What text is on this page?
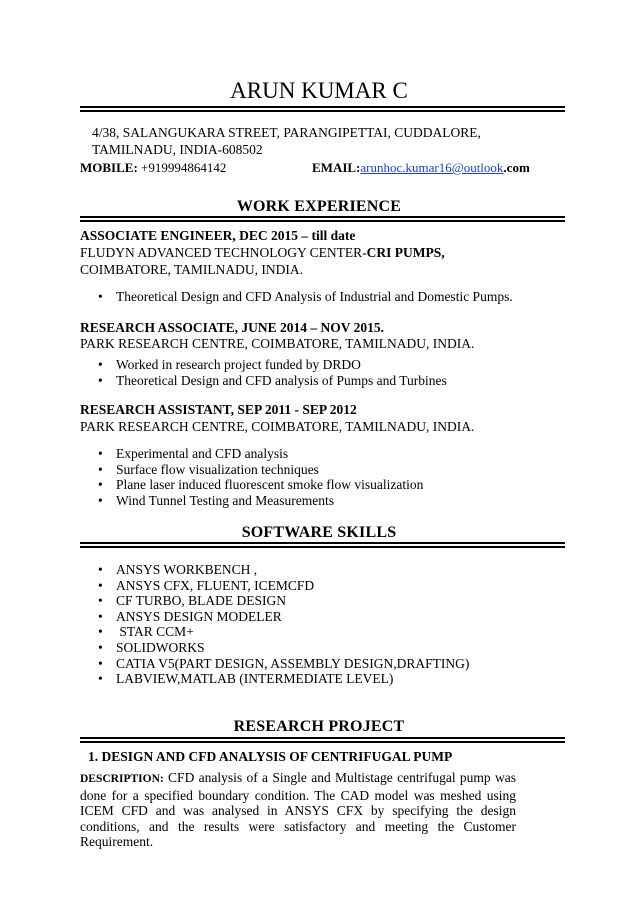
ARUN KUMAR C
4/38, SALANGUKARA STREET, PARANGIPETTAI, CUDDALORE,
TAMILNADU, INDIA-608502
MOBILE: +919994864142	EMAIL:arunhoc.kumar16@outlook.com
WORK EXPERIENCE
ASSOCIATE ENGINEER, DEC 2015 – till date
FLUDYN ADVANCED TECHNOLOGY CENTER-CRI PUMPS,
COIMBATORE, TAMILNADU, INDIA.
• Theoretical Design and CFD Analysis of Industrial and Domestic Pumps.
RESEARCH ASSOCIATE, JUNE 2014 – NOV 2015.
PARK RESEARCH CENTRE, COIMBATORE, TAMILNADU, INDIA.
• Worked in research project funded by DRDO
• Theoretical Design and CFD analysis of Pumps and Turbines
RESEARCH ASSISTANT, SEP 2011 - SEP 2012
PARK RESEARCH CENTRE, COIMBATORE, TAMILNADU, INDIA.
• Experimental and CFD analysis
• Surface flow visualization techniques
• Plane laser induced fluorescent smoke flow visualization
• Wind Tunnel Testing and Measurements
SOFTWARE SKILLS
• ANSYS WORKBENCH ,
• ANSYS CFX, FLUENT, ICEMCFD
• CF TURBO, BLADE DESIGN
• ANSYS DESIGN MODELER
•  STAR CCM+
• SOLIDWORKS
• CATIA V5(PART DESIGN, ASSEMBLY DESIGN,DRAFTING)
• LABVIEW,MATLAB (INTERMEDIATE LEVEL)
RESEARCH PROJECT
1. DESIGN AND CFD ANALYSIS OF CENTRIFUGAL PUMP
DESCRIPTION: CFD analysis of a Single and Multistage centrifugal pump was done for a specified boundary condition. The CAD model was meshed using ICEM CFD and was analysed in ANSYS CFX by specifying the design conditions, and the results were satisfactory and meeting the Customer Requirement.
